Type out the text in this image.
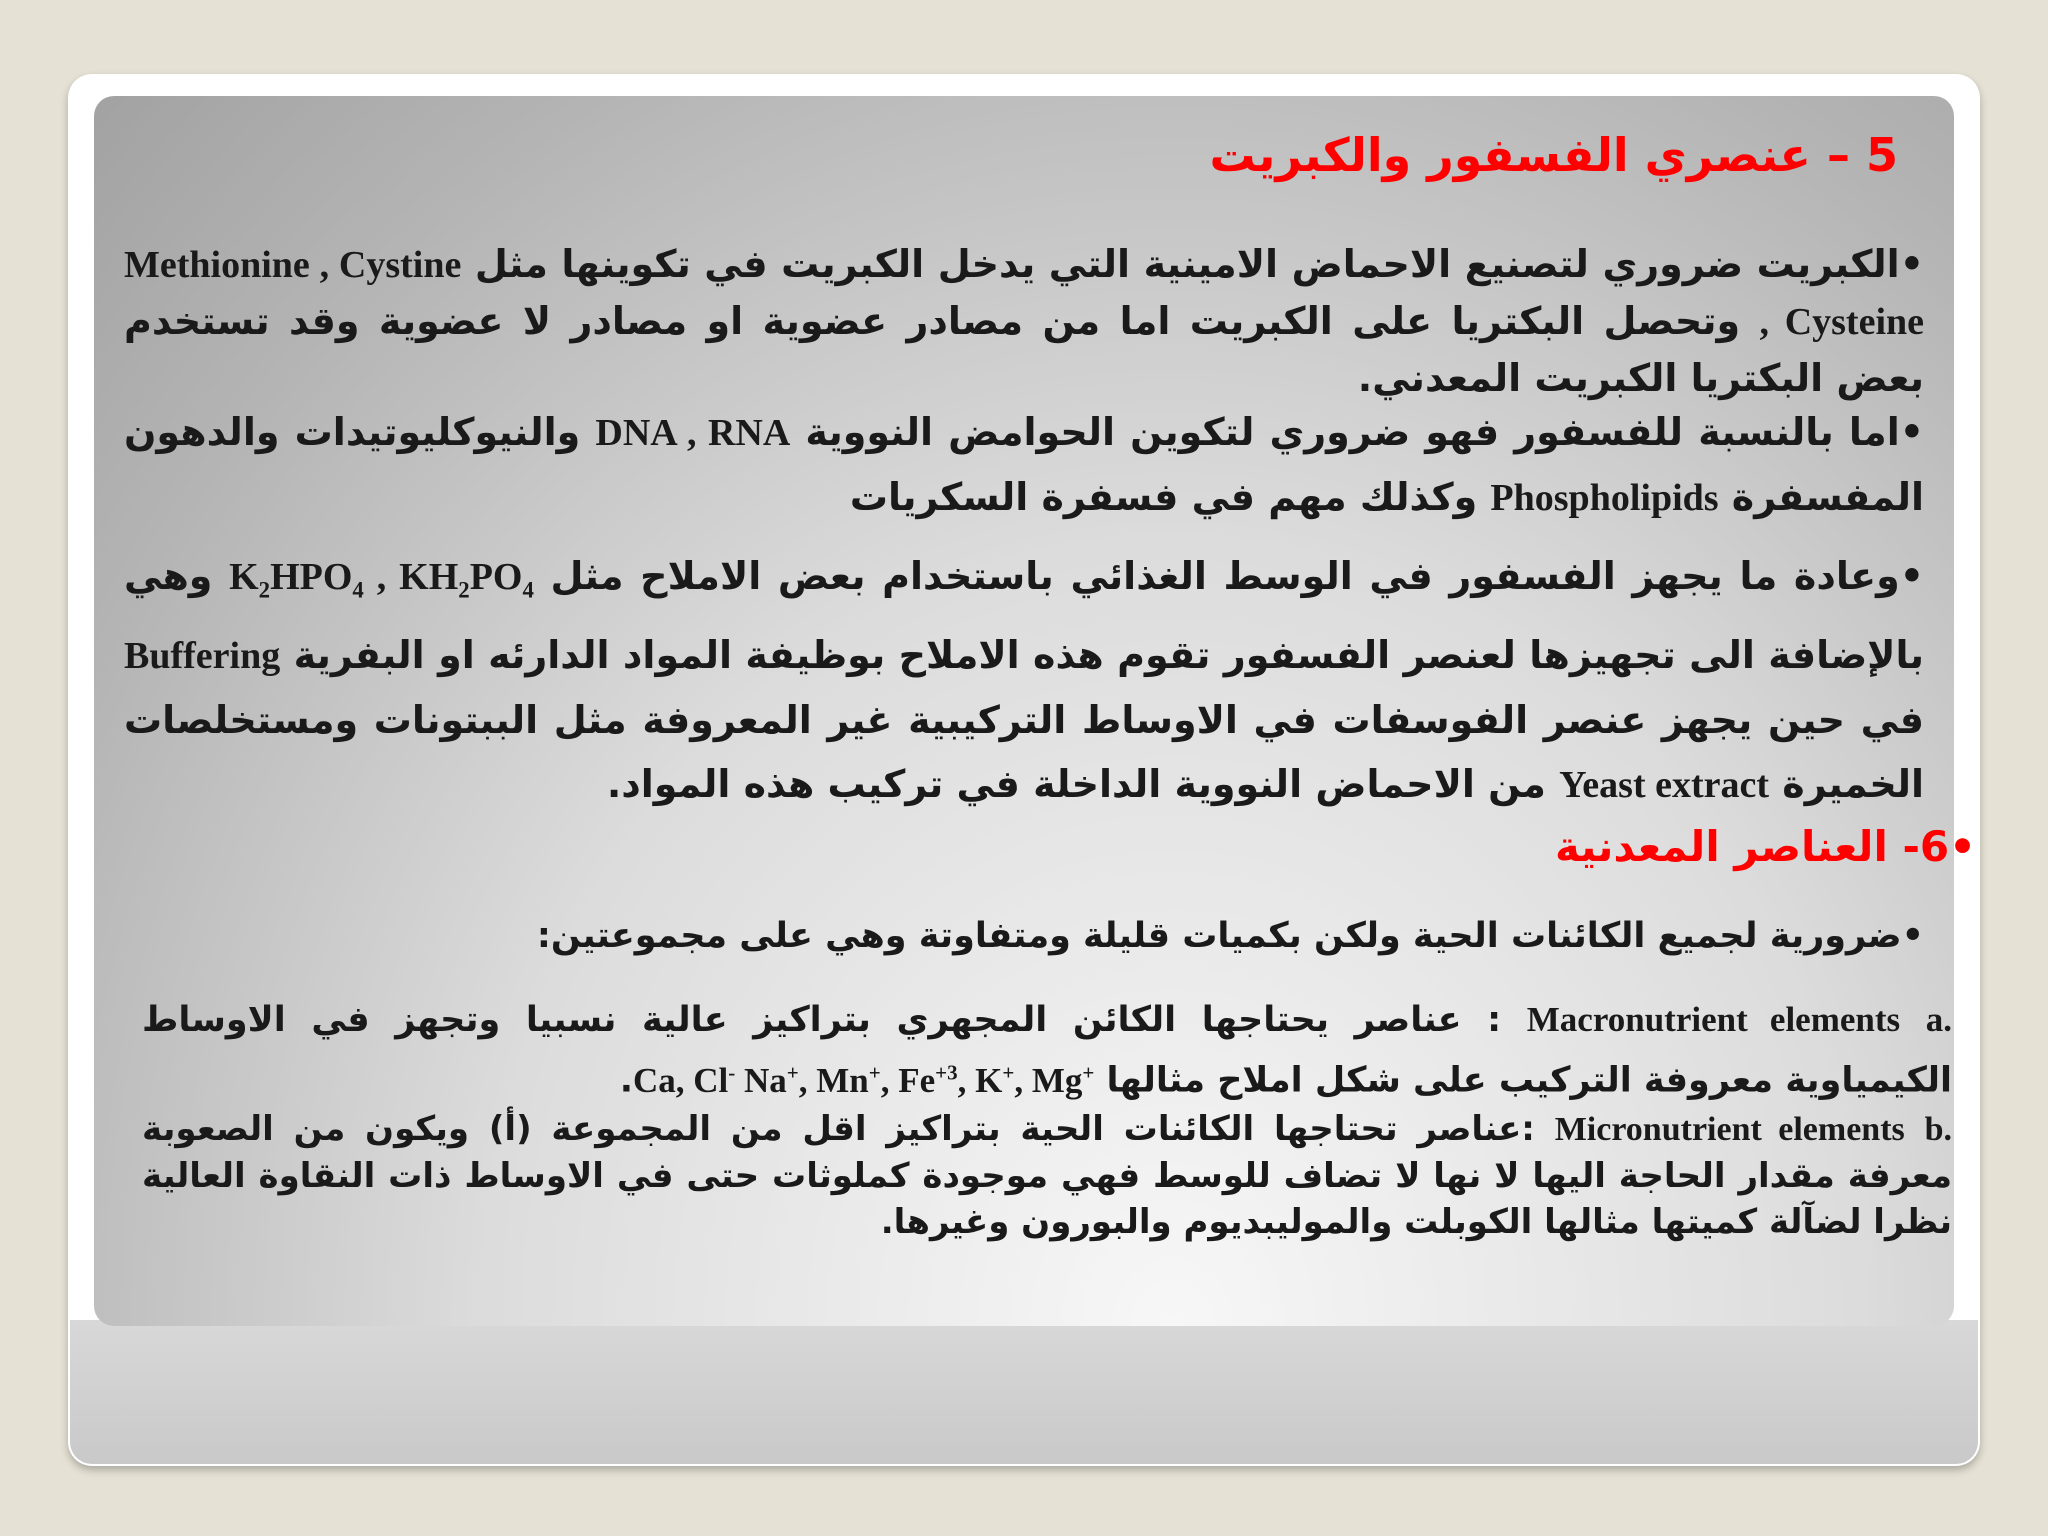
5 – عنصري الفسفور والكبريت
•الكبريت ضروري لتصنيع الاحماض الامينية التي يدخل الكبريت في تكوينها مثل Methionine , Cystine , Cysteine وتحصل البكتريا على الكبريت اما من مصادر عضوية او مصادر لا عضوية وقد تستخدم بعض البكتريا الكبريت المعدني.
•اما بالنسبة للفسفور فهو ضروري لتكوين الحوامض النووية DNA , RNA والنيوكليوتيدات والدهون المفسفرة Phospholipids وكذلك مهم في فسفرة السكريات
•وعادة ما يجهز الفسفور في الوسط الغذائي باستخدام بعض الاملاح مثل $K_2HPO_4$ , $KH_2PO_4$ وهي بالإضافة الى تجهيزها لعنصر الفسفور تقوم هذه الاملاح بوظيفة المواد الدارئه او البفرية Buffering في حين يجهز عنصر الفوسفات في الاوساط التركيبية غير المعروفة مثل الببتونات ومستخلصات الخميرة Yeast extract من الاحماض النووية الداخلة في تركيب هذه المواد.
•6- العناصر المعدنية
•ضرورية لجميع الكائنات الحية ولكن بكميات قليلة ومتفاوتة وهي على مجموعتين:
a. Macronutrient elements : عناصر يحتاجها الكائن المجهري بتراكيز عالية نسبيا وتجهز في الاوساط الكيمياوية معروفة التركيب على شكل املاح مثالها Ca, Cl- Na+, Mn+, $Fe^{+3}$, K+, Mg+.
b. Micronutrient elements :عناصر تحتاجها الكائنات الحية بتراكيز اقل من المجموعة (أ) ويكون من الصعوبة معرفة مقدار الحاجة اليها لا نها لا تضاف للوسط فهي موجودة كملوثات حتى في الاوساط ذات النقاوة العالية نظرا لضآلة كميتها مثالها الكوبلت والموليبديوم والبورون وغيرها.
